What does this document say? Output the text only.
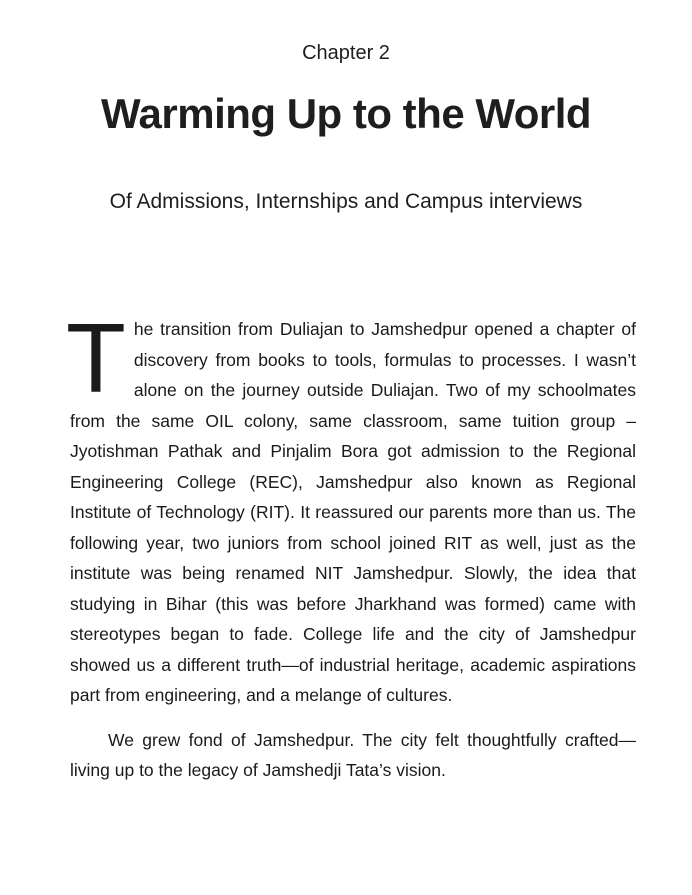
Chapter 2
Warming Up to the World
Of Admissions, Internships and Campus interviews

The transition from Duliajan to Jamshedpur opened a chapter of discovery from books to tools, formulas to processes. I wasn’t alone on the journey outside Duliajan. Two of my schoolmates from the same OIL colony, same classroom, same tuition group – Jyotishman Pathak and Pinjalim Bora got admission to the Regional Engineering College (REC), Jamshedpur also known as Regional Institute of Technology (RIT). It reassured our parents more than us. The following year, two juniors from school joined RIT as well, just as the institute was being renamed NIT Jamshedpur. Slowly, the idea that studying in Bihar (this was before Jharkhand was formed) came with stereotypes began to fade. College life and the city of Jamshedpur showed us a different truth—of industrial heritage, academic aspirations part from engineering, and a melange of cultures.

We grew fond of Jamshedpur. The city felt thoughtfully crafted—living up to the legacy of Jamshedji Tata’s vision.
